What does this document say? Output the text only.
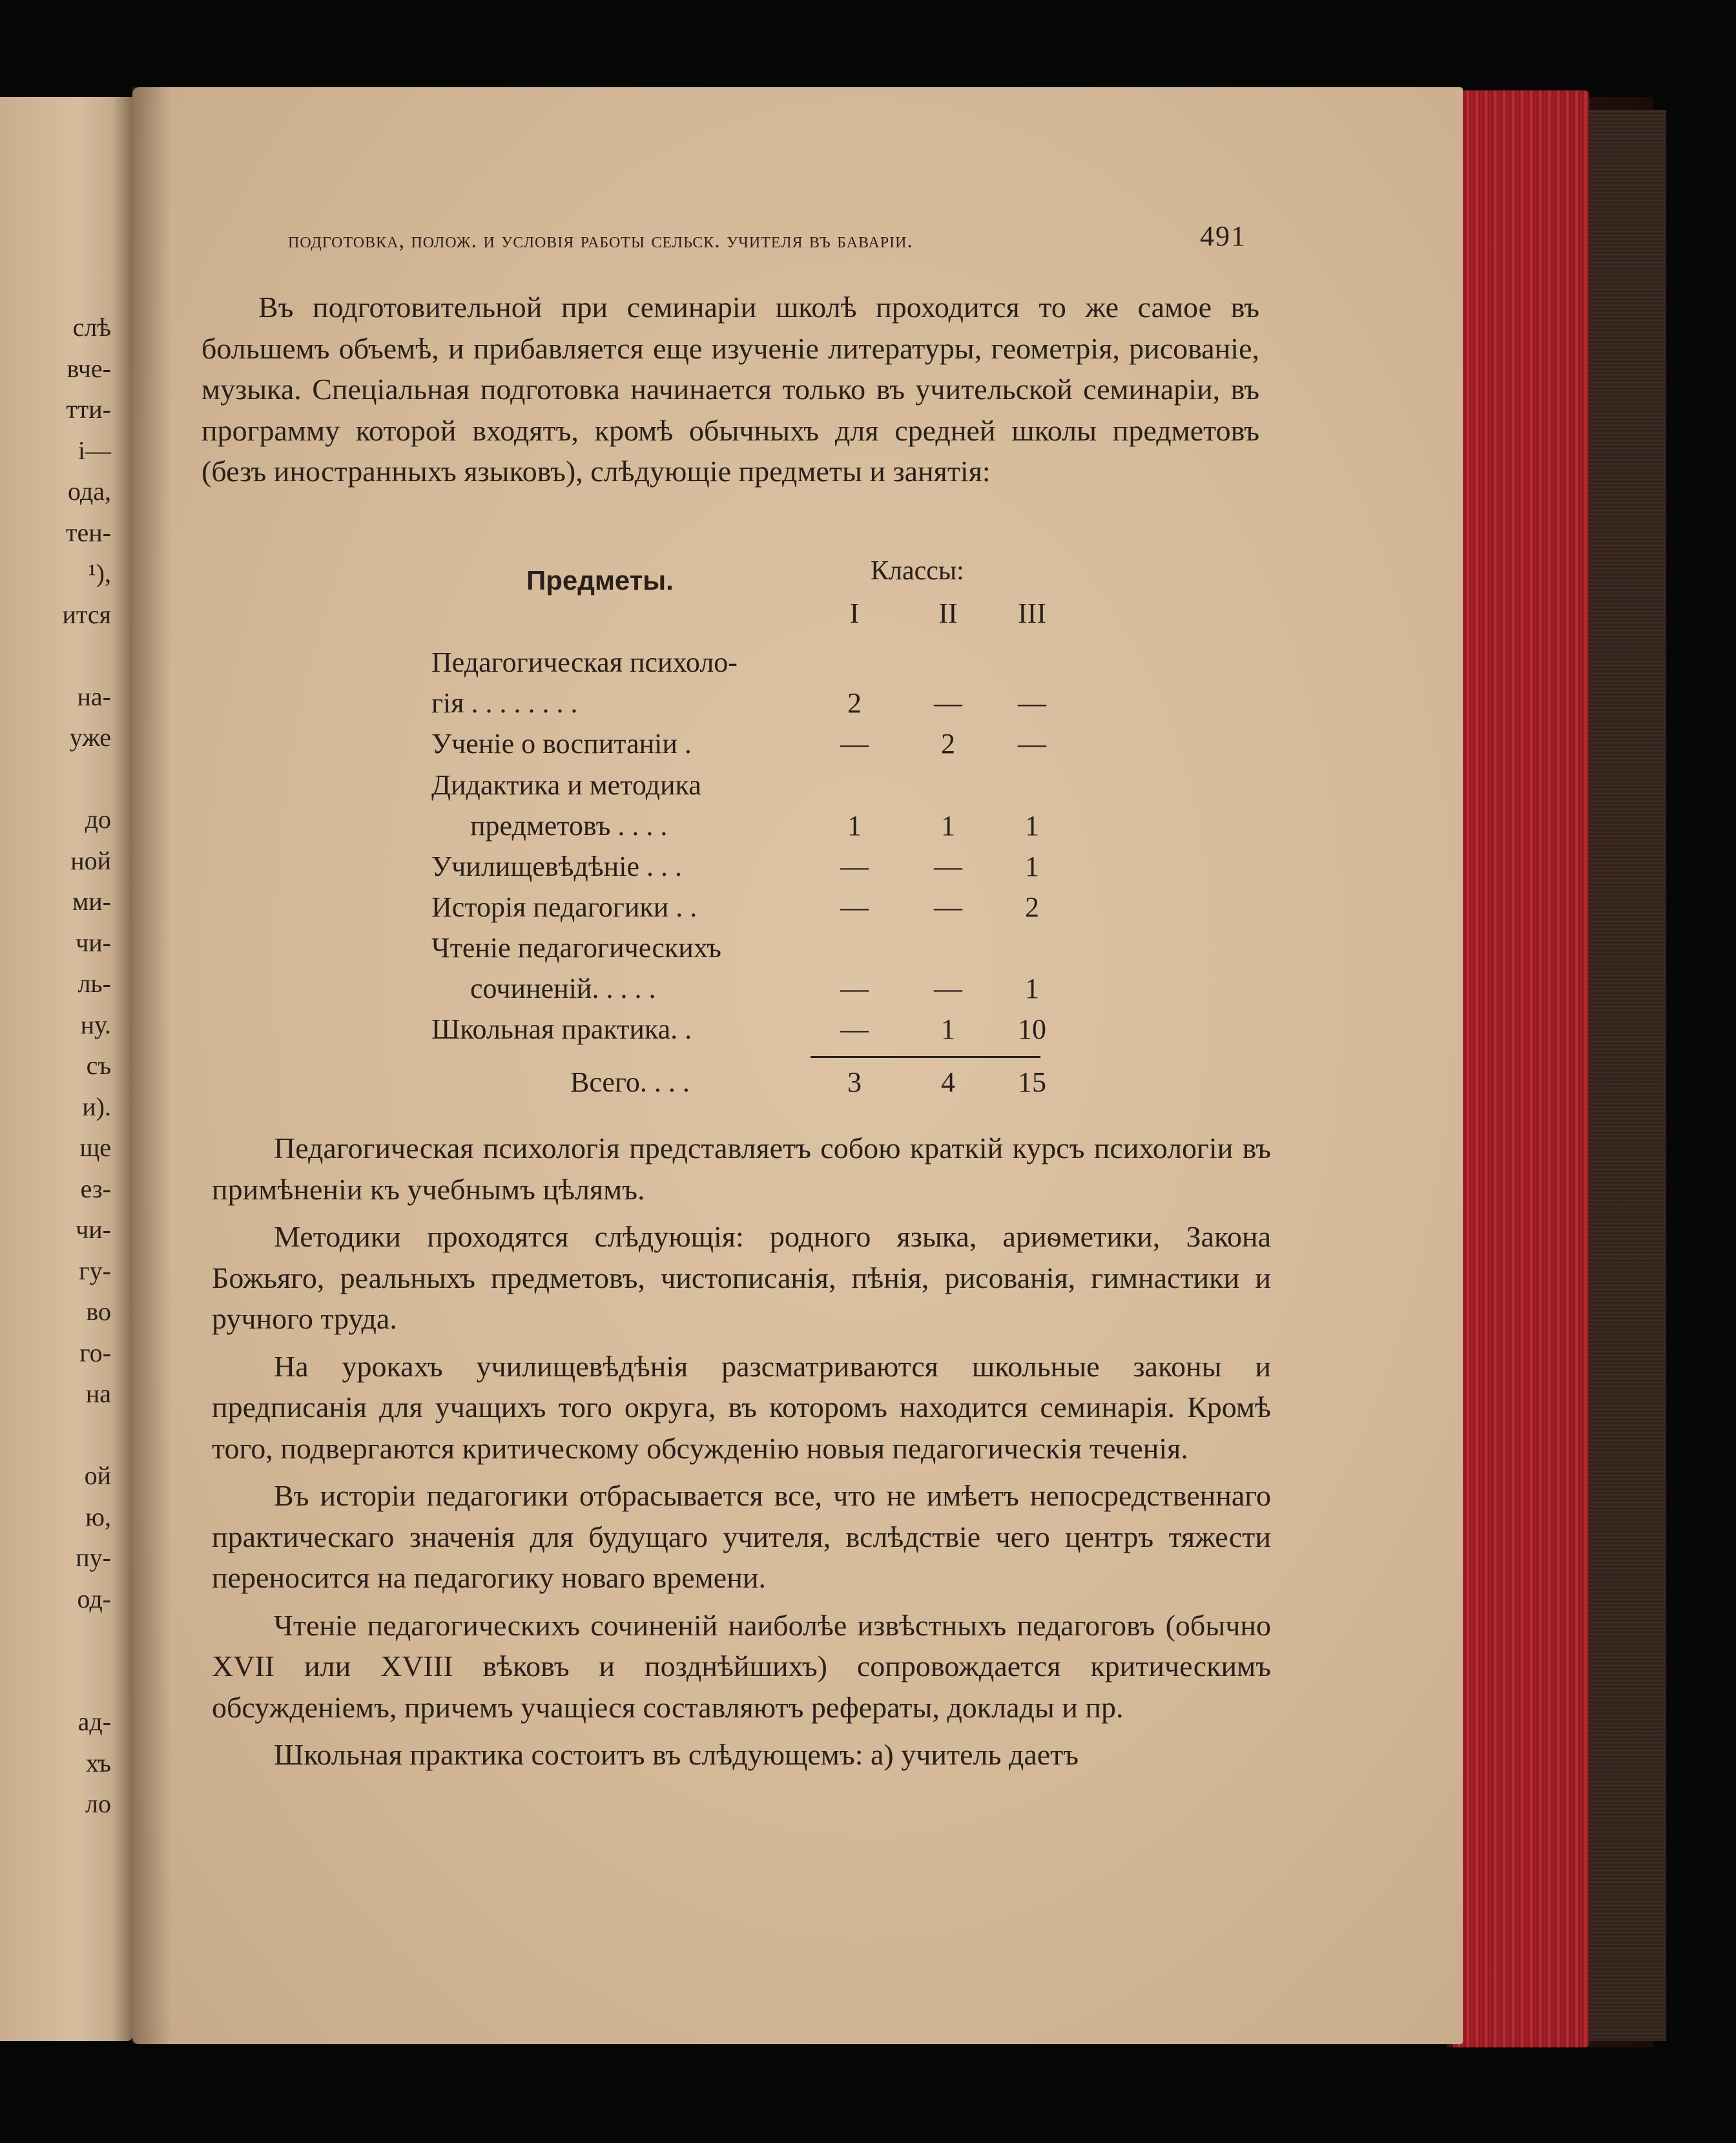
слѣ
вче-
тти-
і—
ода,
тен-
¹),
ится
на-
уже
до
ной
ми-
чи-
ль-
ну.
съ
и).
ще
ез-
чи-
гу-
во
го-
на
ой
ю,
пу-
од-
ад-
хъ
ло
подготовка, полож. и условія работы сельск. учителя въ баваріи.	491

Въ подготовительной при семинаріи школѣ проходится то же самое въ большемъ объемѣ, и прибавляется еще изученіе литературы, геометрія, рисованіе, музыка. Спеціальная подготовка начинается только въ учительской семинаріи, въ программу которой входятъ, кромѣ обычныхъ для средней школы предметовъ (безъ иностранныхъ языковъ), слѣдующіе предметы и занятія:

Предметы.	Классы:
I	II	III
Педагогическая психоло-
гія . . . . . . . .	2	—	—
Ученіе о воспитаніи .	—	2	—
Дидактика и методика
предметовъ . . . .	1	1	1
Училищевѣдѣніе . . .	—	—	1
Исторія педагогики . .	—	—	2
Чтеніе педагогическихъ
сочиненій. . . . .	—	—	1
Школьная практика. .	—	1	10
Всего. . . .	3	4	15

Педагогическая психологія представляетъ собою краткій курсъ психологіи въ примѣненіи къ учебнымъ цѣлямъ.

Методики проходятся слѣдующія: родного языка, ариѳметики, Закона Божьяго, реальныхъ предметовъ, чистописанія, пѣнія, рисованія, гимнастики и ручного труда.

На урокахъ училищевѣдѣнія разсматриваются школьные законы и предписанія для учащихъ того округа, въ которомъ находится семинарія. Кромѣ того, подвергаются критическому обсужденію новыя педагогическія теченія.

Въ исторіи педагогики отбрасывается все, что не имѣетъ непосредственнаго практическаго значенія для будущаго учителя, вслѣдствіе чего центръ тяжести переносится на педагогику новаго времени.

Чтеніе педагогическихъ сочиненій наиболѣе извѣстныхъ педагоговъ (обычно XVII или XVIII вѣковъ и позднѣйшихъ) сопровождается критическимъ обсужденіемъ, причемъ учащіеся составляютъ рефераты, доклады и пр.

Школьная практика состоитъ въ слѣдующемъ: а) учитель даетъ
